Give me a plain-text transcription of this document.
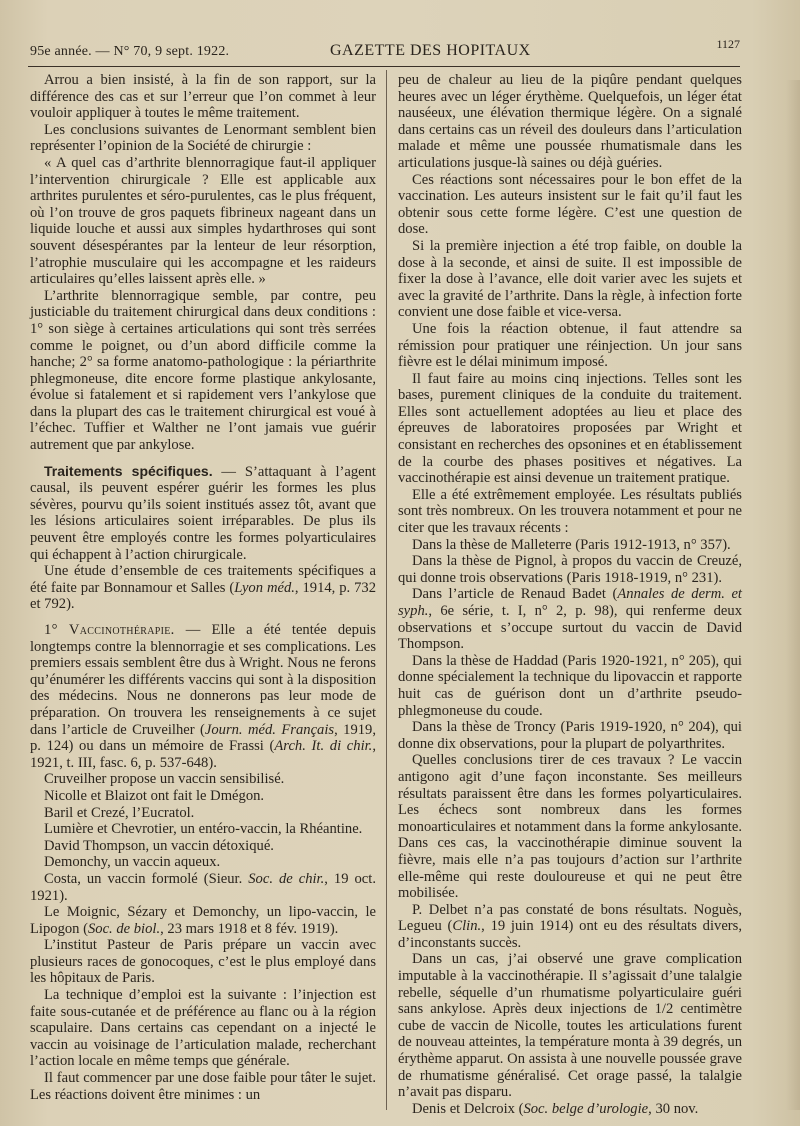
95e année. — N° 70, 9 sept. 1922.	GAZETTE DES HOPITAUX	1127

Arrou a bien insisté, à la fin de son rapport, sur la différence des cas et sur l’erreur que l’on commet à leur vouloir appliquer à toutes le même traitement.

Les conclusions suivantes de Lenormant semblent bien représenter l’opinion de la Société de chirurgie :

« A quel cas d’arthrite blennorragique faut-il appliquer l’intervention chirurgicale ? Elle est applicable aux arthrites purulentes et séro-purulentes, cas le plus fréquent, où l’on trouve de gros paquets fibrineux nageant dans un liquide louche et aussi aux simples hydarthroses qui sont souvent désespérantes par la lenteur de leur résorption, l’atrophie musculaire qui les accompagne et les raideurs articulaires qu’elles laissent après elle. »

L’arthrite blennorragique semble, par contre, peu justiciable du traitement chirurgical dans deux conditions : 1° son siège à certaines articulations qui sont très serrées comme le poignet, ou d’un abord difficile comme la hanche; 2° sa forme anatomo-pathologique : la périarthrite phlegmoneuse, dite encore forme plastique ankylosante, évolue si fatalement et si rapidement vers l’ankylose que dans la plupart des cas le traitement chirurgical est voué à l’échec. Tuffier et Walther ne l’ont jamais vue guérir autrement que par ankylose.

Traitements spécifiques. — S’attaquant à l’agent causal, ils peuvent espérer guérir les formes les plus sévères, pourvu qu’ils soient institués assez tôt, avant que les lésions articulaires soient irréparables. De plus ils peuvent être employés contre les formes polyarticulaires qui échappent à l’action chirurgicale.

Une étude d’ensemble de ces traitements spécifiques a été faite par Bonnamour et Salles (Lyon méd., 1914, p. 732 et 792).

1° Vaccinothérapie. — Elle a été tentée depuis longtemps contre la blennorragie et ses complications. Les premiers essais semblent être dus à Wright. Nous ne ferons qu’énumérer les différents vaccins qui sont à la disposition des médecins. Nous ne donnerons pas leur mode de préparation. On trouvera les renseignements à ce sujet dans l’article de Cruveilher (Journ. méd. Français, 1919, p. 124) ou dans un mémoire de Frassi (Arch. It. di chir., 1921, t. III, fasc. 6, p. 537-648).

Cruveilher propose un vaccin sensibilisé.

Nicolle et Blaizot ont fait le Dmégon.

Baril et Crezé, l’Eucratol.

Lumière et Chevrotier, un entéro-vaccin, la Rhéantine.

David Thompson, un vaccin détoxiqué.

Demonchy, un vaccin aqueux.

Costa, un vaccin formolé (Sieur. Soc. de chir., 19 oct. 1921).

Le Moignic, Sézary et Demonchy, un lipo-vaccin, le Lipogon (Soc. de biol., 23 mars 1918 et 8 fév. 1919).

L’institut Pasteur de Paris prépare un vaccin avec plusieurs races de gonocoques, c’est le plus employé dans les hôpitaux de Paris.

La technique d’emploi est la suivante : l’injection est faite sous-cutanée et de préférence au flanc ou à la région scapulaire. Dans certains cas cependant on a injecté le vaccin au voisinage de l’articulation malade, recherchant l’action locale en même temps que générale.

Il faut commencer par une dose faible pour tâter le sujet. Les réactions doivent être minimes : un

peu de chaleur au lieu de la piqûre pendant quelques heures avec un léger érythème. Quelquefois, un léger état nauséeux, une élévation thermique légère. On a signalé dans certains cas un réveil des douleurs dans l’articulation malade et même une poussée rhumatismale dans les articulations jusque-là saines ou déjà guéries.

Ces réactions sont nécessaires pour le bon effet de la vaccination. Les auteurs insistent sur le fait qu’il faut les obtenir sous cette forme légère. C’est une question de dose.

Si la première injection a été trop faible, on double la dose à la seconde, et ainsi de suite. Il est impossible de fixer la dose à l’avance, elle doit varier avec les sujets et avec la gravité de l’arthrite. Dans la règle, à infection forte convient une dose faible et vice-versa.

Une fois la réaction obtenue, il faut attendre sa rémission pour pratiquer une réinjection. Un jour sans fièvre est le délai minimum imposé.

Il faut faire au moins cinq injections. Telles sont les bases, purement cliniques de la conduite du traitement. Elles sont actuellement adoptées au lieu et place des épreuves de laboratoires proposées par Wright et consistant en recherches des opsonines et en établissement de la courbe des phases positives et négatives. La vaccinothérapie est ainsi devenue un traitement pratique.

Elle a été extrêmement employée. Les résultats publiés sont très nombreux. On les trouvera notamment et pour ne citer que les travaux récents :

Dans la thèse de Malleterre (Paris 1912-1913, n° 357).

Dans la thèse de Pignol, à propos du vaccin de Creuzé, qui donne trois observations (Paris 1918-1919, n° 231).

Dans l’article de Renaud Badet (Annales de derm. et syph., 6e série, t. I, n° 2, p. 98), qui renferme deux observations et s’occupe surtout du vaccin de David Thompson.

Dans la thèse de Haddad (Paris 1920-1921, n° 205), qui donne spécialement la technique du lipovaccin et rapporte huit cas de guérison dont un d’arthrite pseudo-phlegmoneuse du coude.

Dans la thèse de Troncy (Paris 1919-1920, n° 204), qui donne dix observations, pour la plupart de polyarthrites.

Quelles conclusions tirer de ces travaux ? Le vaccin antigono agit d’une façon inconstante. Ses meilleurs résultats paraissent être dans les formes polyarticulaires. Les échecs sont nombreux dans les formes monoarticulaires et notamment dans la forme ankylosante. Dans ces cas, la vaccinothérapie diminue souvent la fièvre, mais elle n’a pas toujours d’action sur l’arthrite elle-même qui reste douloureuse et qui ne peut être mobilisée.

P. Delbet n’a pas constaté de bons résultats. Noguès, Legueu (Clin., 19 juin 1914) ont eu des résultats divers, d’inconstants succès.

Dans un cas, j’ai observé une grave complication imputable à la vaccinothérapie. Il s’agissait d’une talalgie rebelle, séquelle d’un rhumatisme polyarticulaire guéri sans ankylose. Après deux injections de 1/2 centimètre cube de vaccin de Nicolle, toutes les articulations furent de nouveau atteintes, la température monta à 39 degrés, un érythème apparut. On assista à une nouvelle poussée grave de rhumatisme généralisé. Cet orage passé, la talalgie n’avait pas disparu.

Denis et Delcroix (Soc. belge d’urologie, 30 nov.
